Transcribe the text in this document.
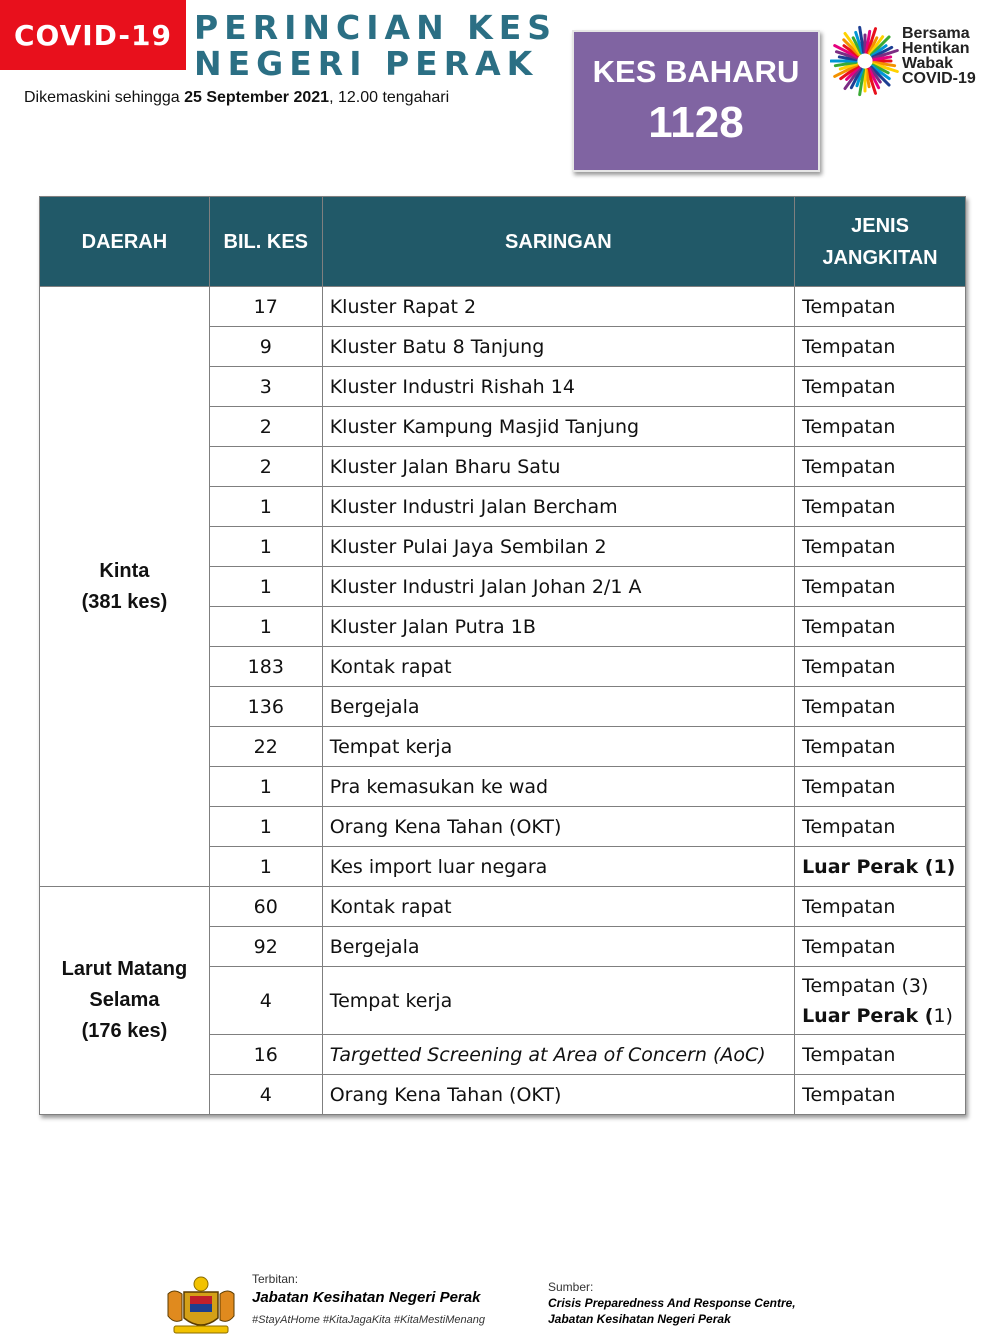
COVID-19 PERINCIAN KES
NEGERI PERAK
Dikemaskini sehingga 25 September 2021, 12.00 tengahari
KES BAHARU
1128
Bersama
Hentikan
Wabak
COVID-19
DAERAH	BIL. KES	SARINGAN	JENIS
JANGKITAN

Kinta
(381 kes)	17	Kluster Rapat 2	Tempatan
	9	Kluster Batu 8 Tanjung	Tempatan
	3	Kluster Industri Rishah 14	Tempatan
	2	Kluster Kampung Masjid Tanjung	Tempatan
	2	Kluster Jalan Bharu Satu	Tempatan
	1	Kluster Industri Jalan Bercham	Tempatan
	1	Kluster Pulai Jaya Sembilan 2	Tempatan
	1	Kluster Industri Jalan Johan 2/1 A	Tempatan
	1	Kluster Jalan Putra 1B	Tempatan
	183	Kontak rapat	Tempatan
	136	Bergejala	Tempatan
	22	Tempat kerja	Tempatan
	1	Pra kemasukan ke wad	Tempatan
	1	Orang Kena Tahan (OKT)	Tempatan
	1	Kes import luar negara	Luar Perak (1)

Larut Matang
Selama
(176 kes)	60	Kontak rapat	Tempatan
	92	Bergejala	Tempatan
	4	Tempat kerja	Tempatan (3)
Luar Perak (1)

	16	Targetted Screening at Area of Concern (AoC)	Tempatan
	4	Orang Kena Tahan (OKT)	Tempatan
Terbitan:
Jabatan Kesihatan Negeri Perak
#StayAtHome #KitaJagaKita #KitaMestiMenang
Sumber:
Crisis Preparedness And Response Centre,
Jabatan Kesihatan Negeri Perak
